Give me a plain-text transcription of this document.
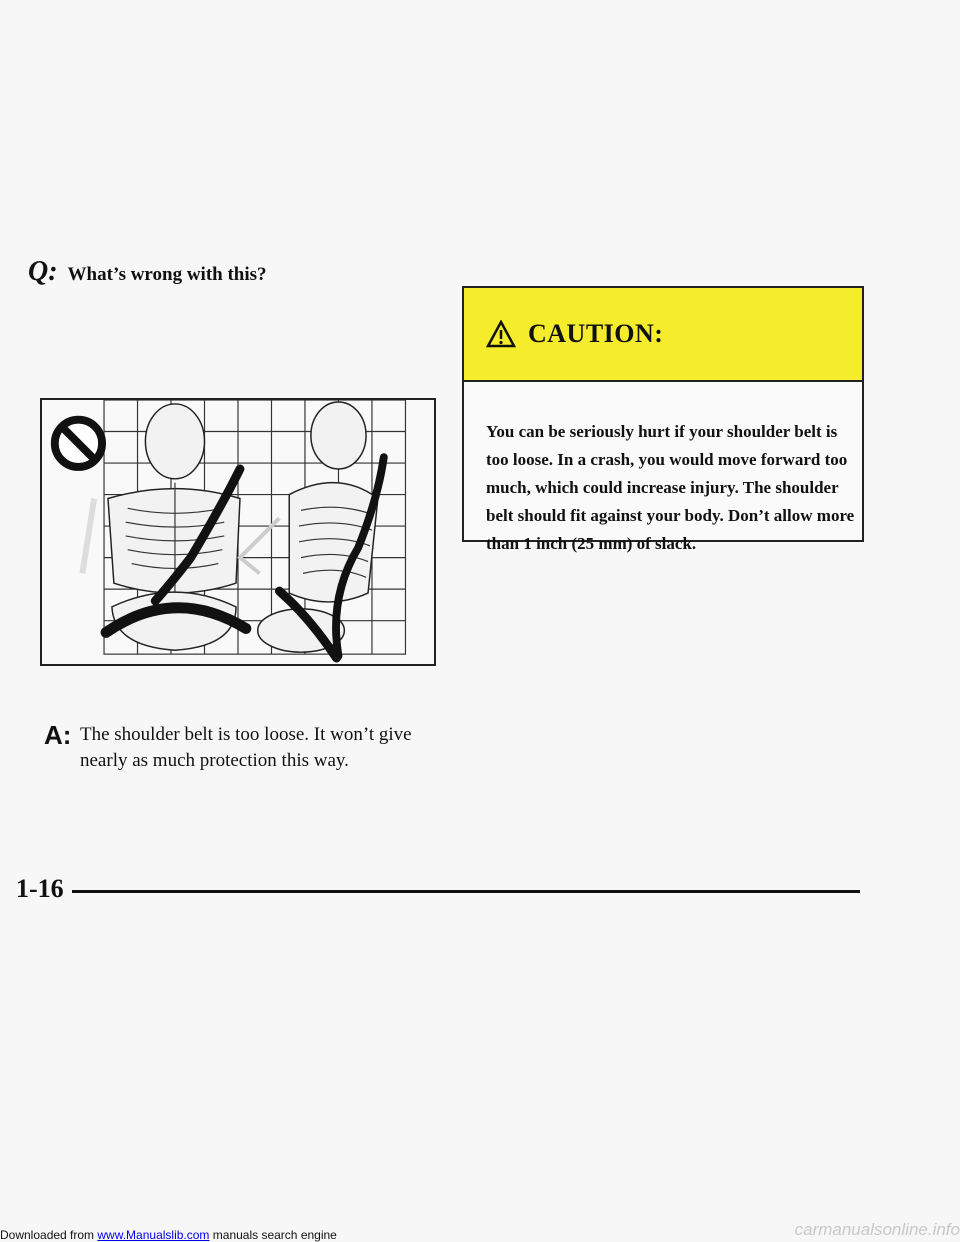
Q: What’s wrong with this?
A: The shoulder belt is too loose. It won’t give nearly as much protection this way.
CAUTION:
You can be seriously hurt if your shoulder belt is too loose. In a crash, you would move forward too much, which could increase injury. The shoulder belt should fit against your body. Don’t allow more than 1 inch (25 mm) of slack.
1-16
Downloaded from www.Manualslib.com manuals search engine	carmanualsonline.info
